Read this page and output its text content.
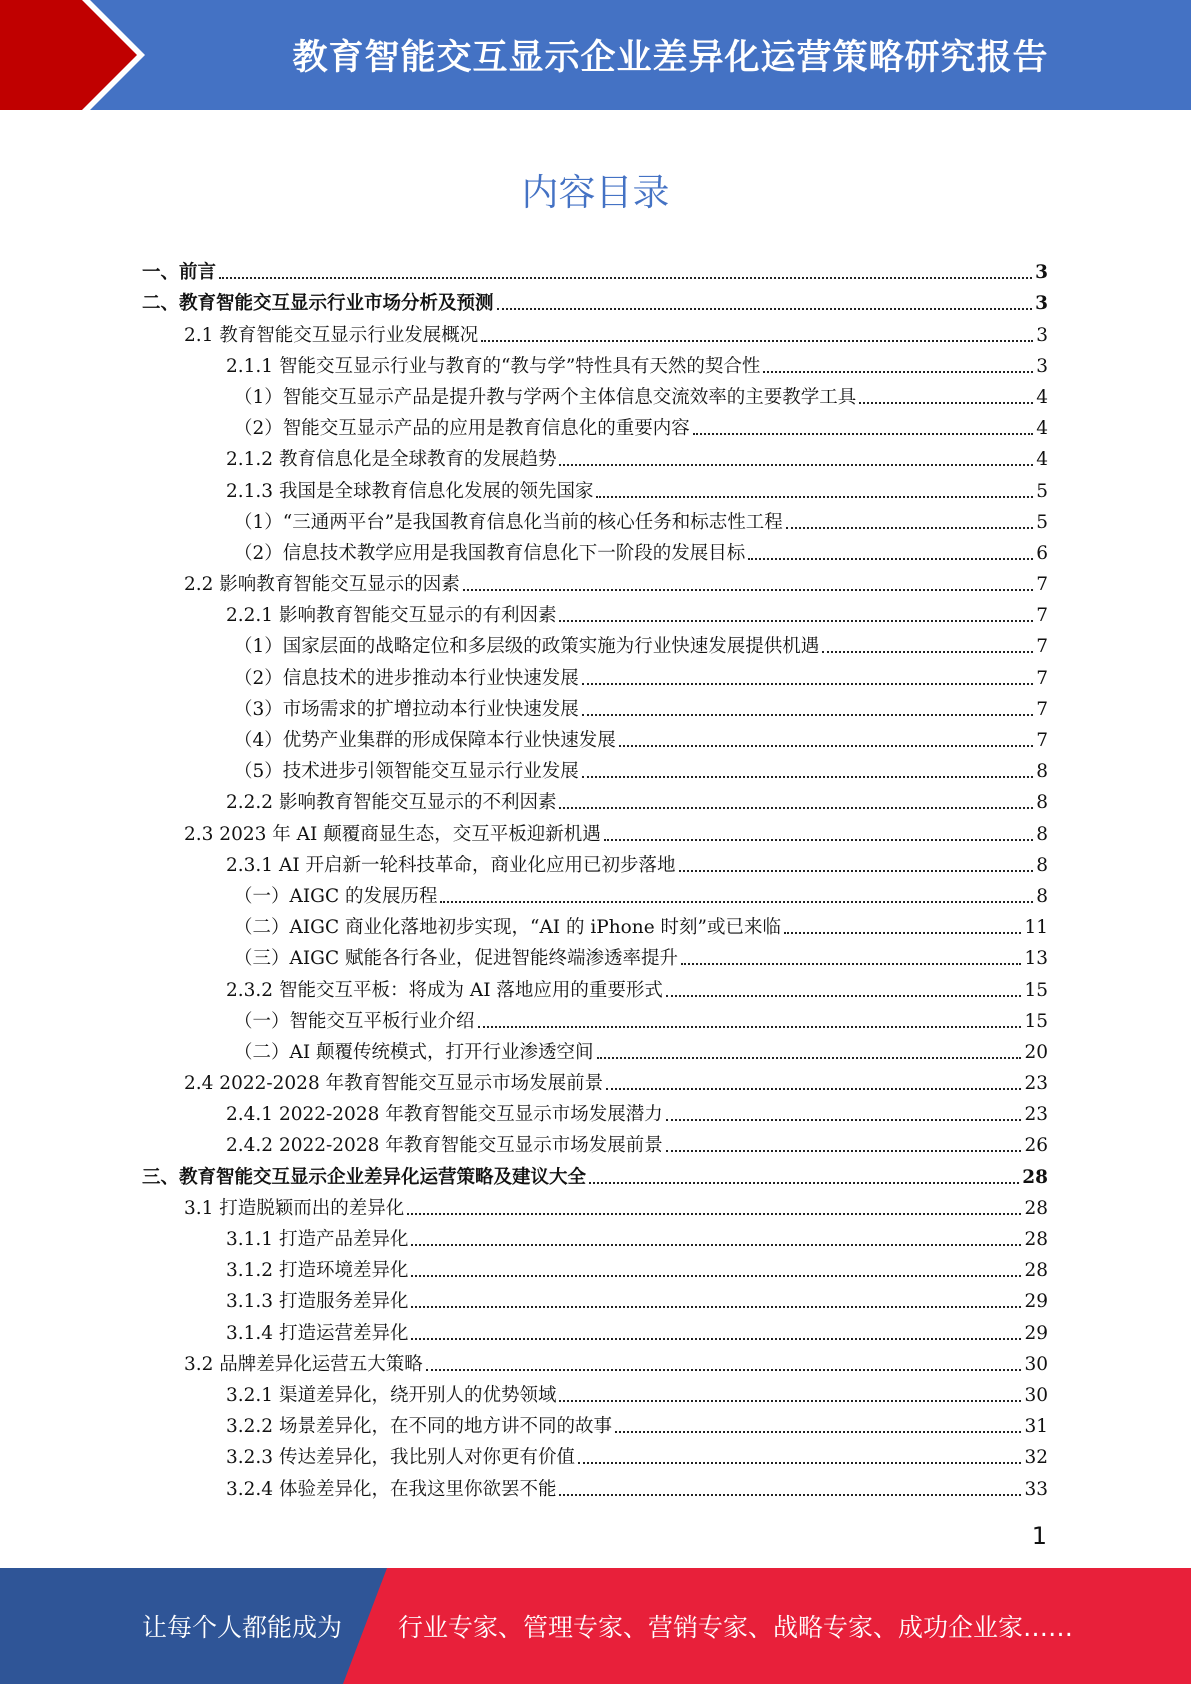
教育智能交互显示企业差异化运营策略研究报告
内容目录
一、前言	3
二、教育智能交互显示行业市场分析及预测	3
2.1 教育智能交互显示行业发展概况	3
2.1.1 智能交互显示行业与教育的“教与学”特性具有天然的契合性	3
（1）智能交互显示产品是提升教与学两个主体信息交流效率的主要教学工具	4
（2）智能交互显示产品的应用是教育信息化的重要内容	4
2.1.2 教育信息化是全球教育的发展趋势	4
2.1.3 我国是全球教育信息化发展的领先国家	5
（1）“三通两平台”是我国教育信息化当前的核心任务和标志性工程	5
（2）信息技术教学应用是我国教育信息化下一阶段的发展目标	6
2.2 影响教育智能交互显示的因素	7
2.2.1 影响教育智能交互显示的有利因素	7
（1）国家层面的战略定位和多层级的政策实施为行业快速发展提供机遇	7
（2）信息技术的进步推动本行业快速发展	7
（3）市场需求的扩增拉动本行业快速发展	7
（4）优势产业集群的形成保障本行业快速发展	7
（5）技术进步引领智能交互显示行业发展	8
2.2.2 影响教育智能交互显示的不利因素	8
2.3 2023 年 AI 颠覆商显生态，交互平板迎新机遇	8
2.3.1 AI 开启新一轮科技革命，商业化应用已初步落地	8
（一）AIGC 的发展历程	8
（二）AIGC 商业化落地初步实现，“AI 的 iPhone 时刻”或已来临	11
（三）AIGC 赋能各行各业，促进智能终端渗透率提升	13
2.3.2 智能交互平板：将成为 AI 落地应用的重要形式	15
（一）智能交互平板行业介绍	15
（二）AI 颠覆传统模式，打开行业渗透空间	20
2.4 2022-2028 年教育智能交互显示市场发展前景	23
2.4.1 2022-2028 年教育智能交互显示市场发展潜力	23
2.4.2 2022-2028 年教育智能交互显示市场发展前景	26
三、教育智能交互显示企业差异化运营策略及建议大全	28
3.1 打造脱颖而出的差异化	28
3.1.1 打造产品差异化	28
3.1.2 打造环境差异化	28
3.1.3 打造服务差异化	29
3.1.4 打造运营差异化	29
3.2 品牌差异化运营五大策略	30
3.2.1 渠道差异化，绕开别人的优势领域	30
3.2.2 场景差异化，在不同的地方讲不同的故事	31
3.2.3 传达差异化，我比别人对你更有价值	32
3.2.4 体验差异化，在我这里你欲罢不能	33
1
让每个人都能成为 行业专家、管理专家、营销专家、战略专家、成功企业家……
